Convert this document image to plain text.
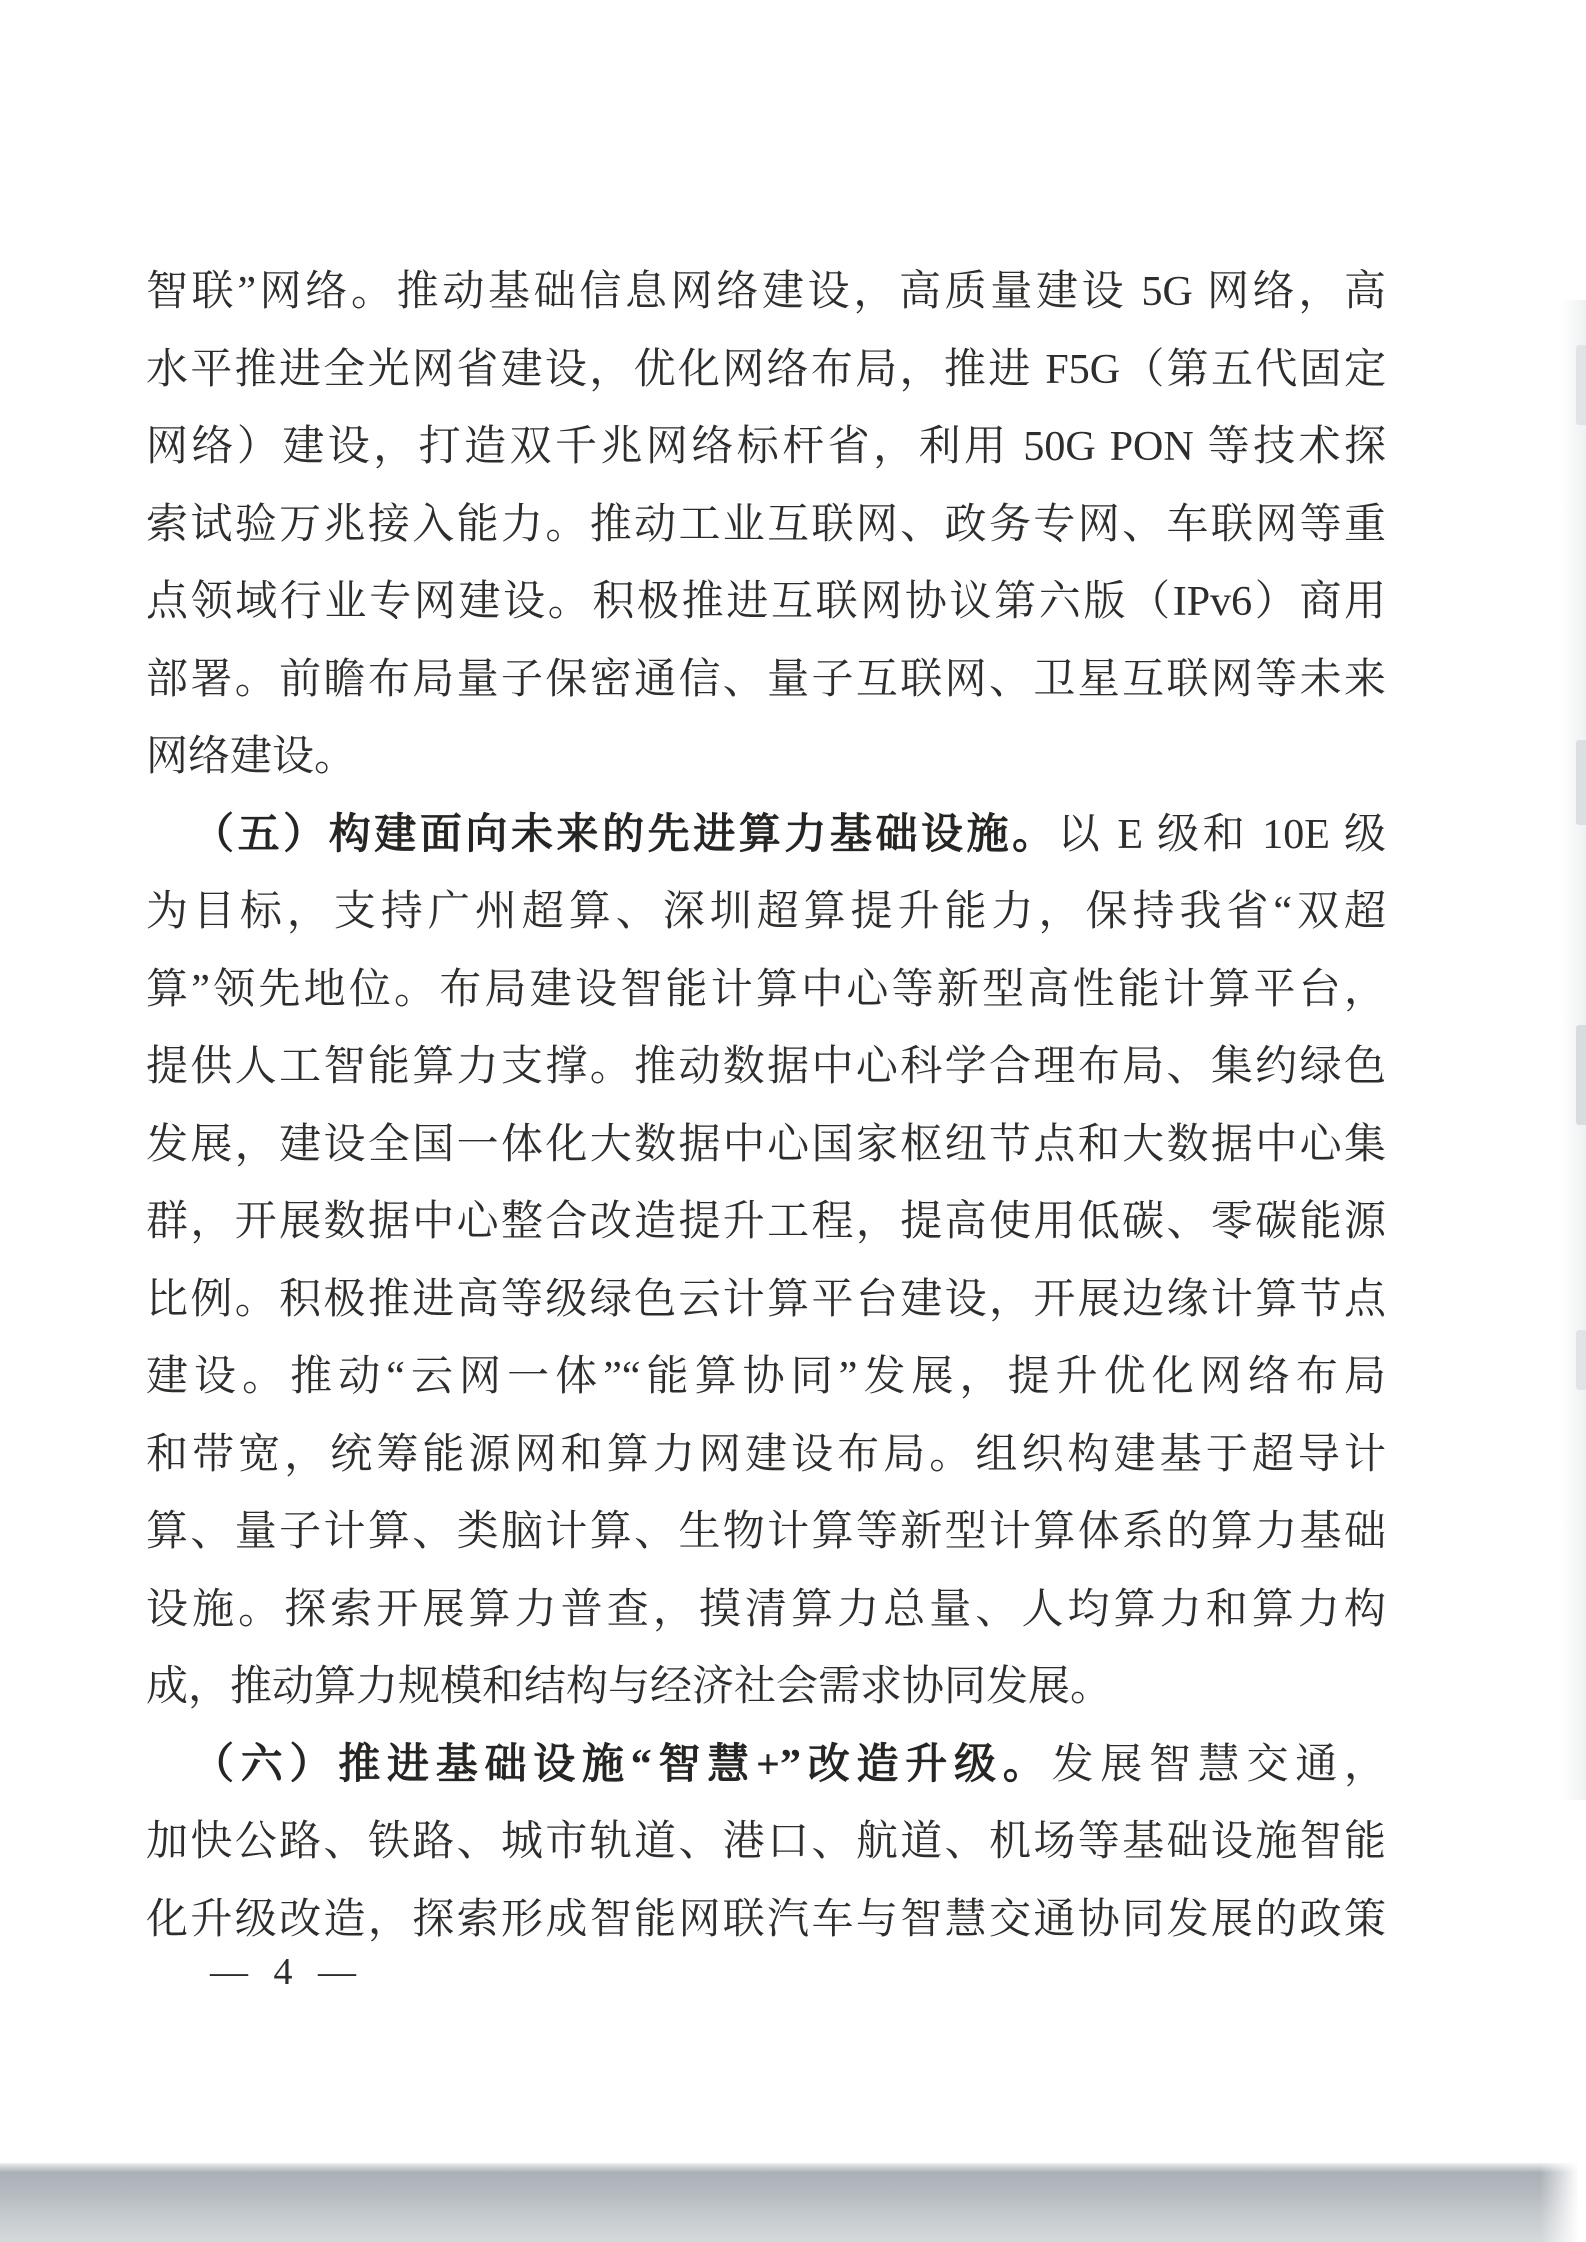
智联”网络。推动基础信息网络建设，高质量建设 5G 网络，高
水平推进全光网省建设，优化网络布局，推进 F5G（第五代固定
网络）建设，打造双千兆网络标杆省，利用 50G PON 等技术探
索试验万兆接入能力。推动工业互联网、政务专网、车联网等重
点领域行业专网建设。积极推进互联网协议第六版（IPv6）商用
部署。前瞻布局量子保密通信、量子互联网、卫星互联网等未来
网络建设。
（五）构建面向未来的先进算力基础设施。以 E 级和 10E 级
为目标，支持广州超算、深圳超算提升能力，保持我省“双超
算”领先地位。布局建设智能计算中心等新型高性能计算平台，
提供人工智能算力支撑。推动数据中心科学合理布局、集约绿色
发展，建设全国一体化大数据中心国家枢纽节点和大数据中心集
群，开展数据中心整合改造提升工程，提高使用低碳、零碳能源
比例。积极推进高等级绿色云计算平台建设，开展边缘计算节点
建设。推动“云网一体”“能算协同”发展，提升优化网络布局
和带宽，统筹能源网和算力网建设布局。组织构建基于超导计
算、量子计算、类脑计算、生物计算等新型计算体系的算力基础
设施。探索开展算力普查，摸清算力总量、人均算力和算力构
成，推动算力规模和结构与经济社会需求协同发展。
（六）推进基础设施“智慧+”改造升级。发展智慧交通，
加快公路、铁路、城市轨道、港口、航道、机场等基础设施智能
化升级改造，探索形成智能网联汽车与智慧交通协同发展的政策
— 4 —
